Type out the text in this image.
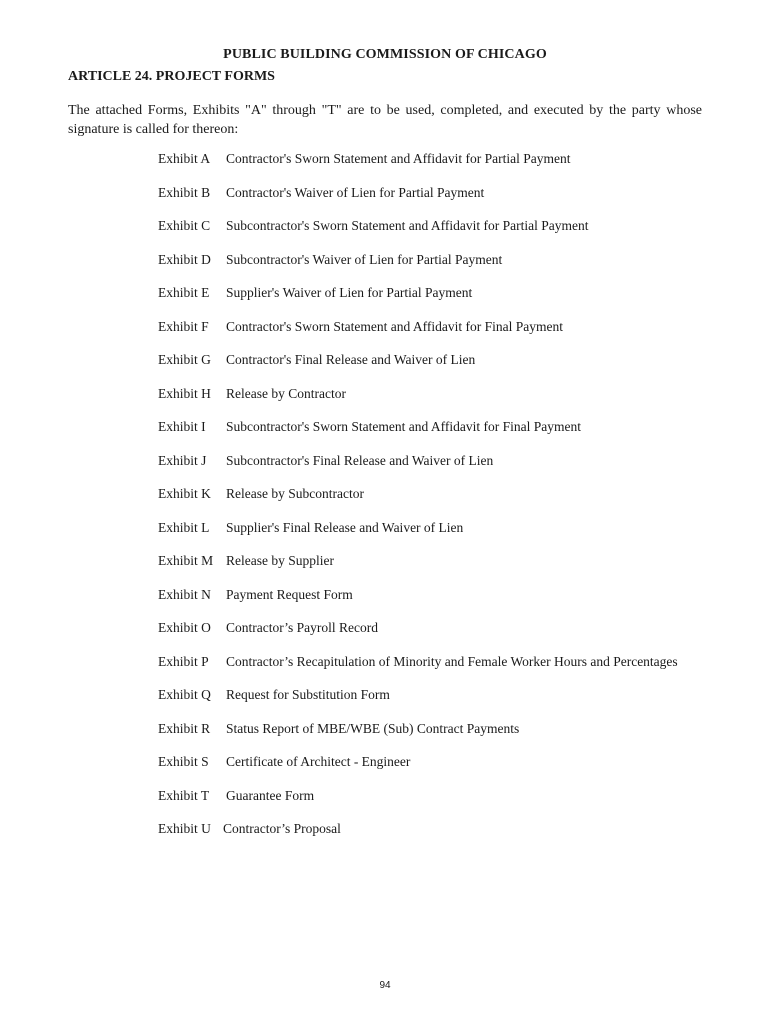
PUBLIC BUILDING COMMISSION OF CHICAGO
ARTICLE 24. PROJECT FORMS
The attached Forms, Exhibits "A" through "T" are to be used, completed, and executed by the party whose signature is called for thereon:
Exhibit A	Contractor's Sworn Statement and Affidavit for Partial Payment
Exhibit B	Contractor's Waiver of Lien for Partial Payment
Exhibit C	Subcontractor's Sworn Statement and Affidavit for Partial Payment
Exhibit D	Subcontractor's Waiver of Lien for Partial Payment
Exhibit E	Supplier's Waiver of Lien for Partial Payment
Exhibit F	Contractor's Sworn Statement and Affidavit for Final Payment
Exhibit G	Contractor's Final Release and Waiver of Lien
Exhibit H	Release by Contractor
Exhibit I	Subcontractor's Sworn Statement and Affidavit for Final Payment
Exhibit J	Subcontractor's Final Release and Waiver of Lien
Exhibit K	Release by Subcontractor
Exhibit L	Supplier's Final Release and Waiver of Lien
Exhibit M Release by Supplier
Exhibit N	Payment Request Form
Exhibit O	Contractor’s Payroll Record
Exhibit P	Contractor’s Recapitulation of Minority and Female Worker Hours and Percentages
Exhibit Q	Request for Substitution Form
Exhibit R	Status Report of MBE/WBE (Sub) Contract Payments
Exhibit S	Certificate of Architect - Engineer
Exhibit T	Guarantee Form
Exhibit U Contractor’s Proposal
94
